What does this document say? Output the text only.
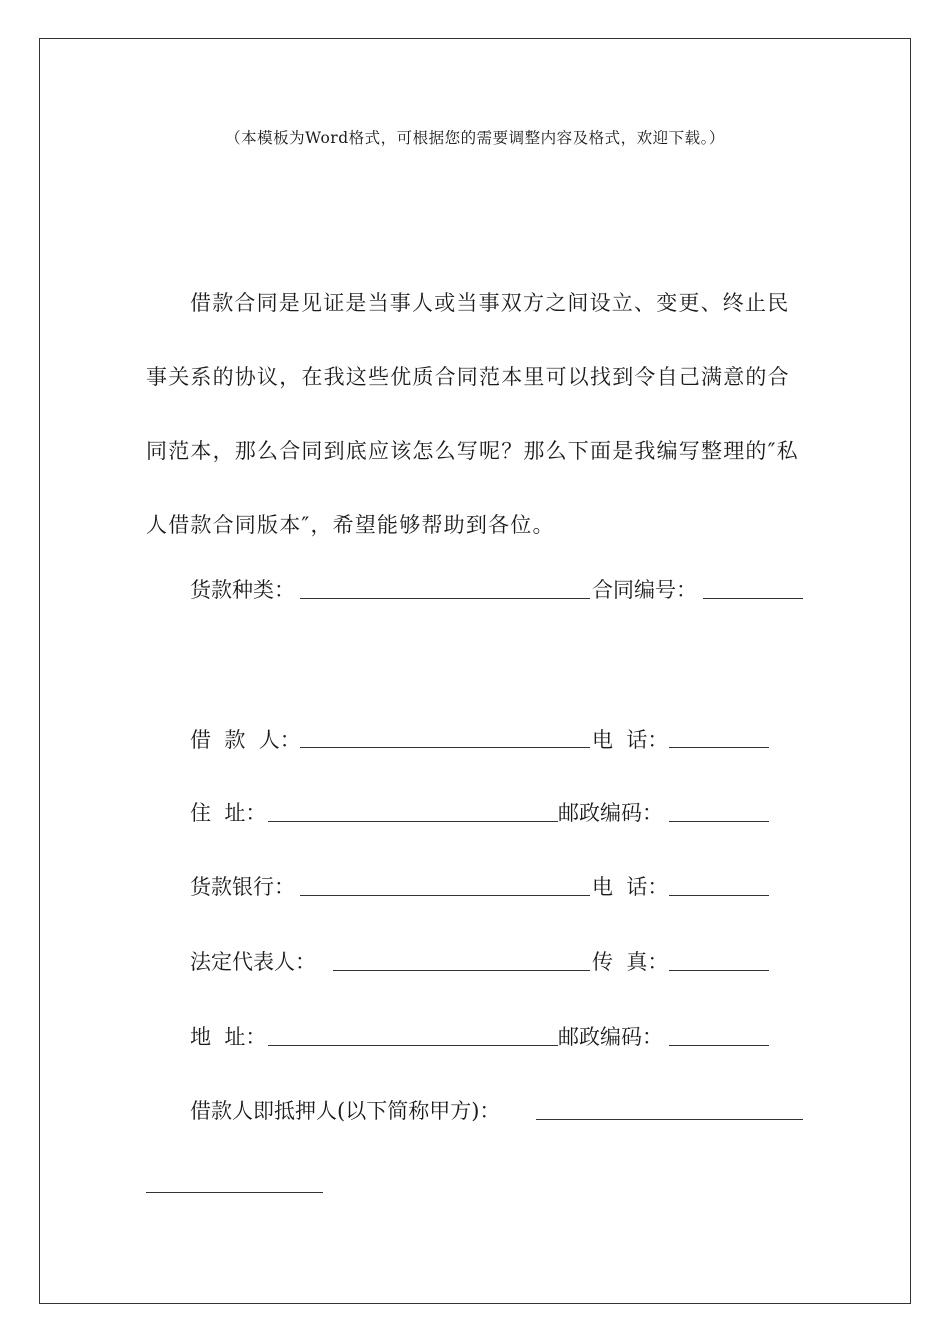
（本模板为Word格式，可根据您的需要调整内容及格式，欢迎下载。）

借款合同是见证是当事人或当事双方之间设立、变更、终止民事关系的协议，在我这些优质合同范本里可以找到令自己满意的合同范本，那么合同到底应该怎么写呢？那么下面是我编写整理的″私人借款合同版本″，希望能够帮助到各位。

货款种类：	合同编号：
借  款  人：	电  话：
住  址：	邮政编码：
货款银行：	电  话：
法定代表人：	传  真：
地  址：	邮政编码：
借款人即抵押人(以下简称甲方)：
